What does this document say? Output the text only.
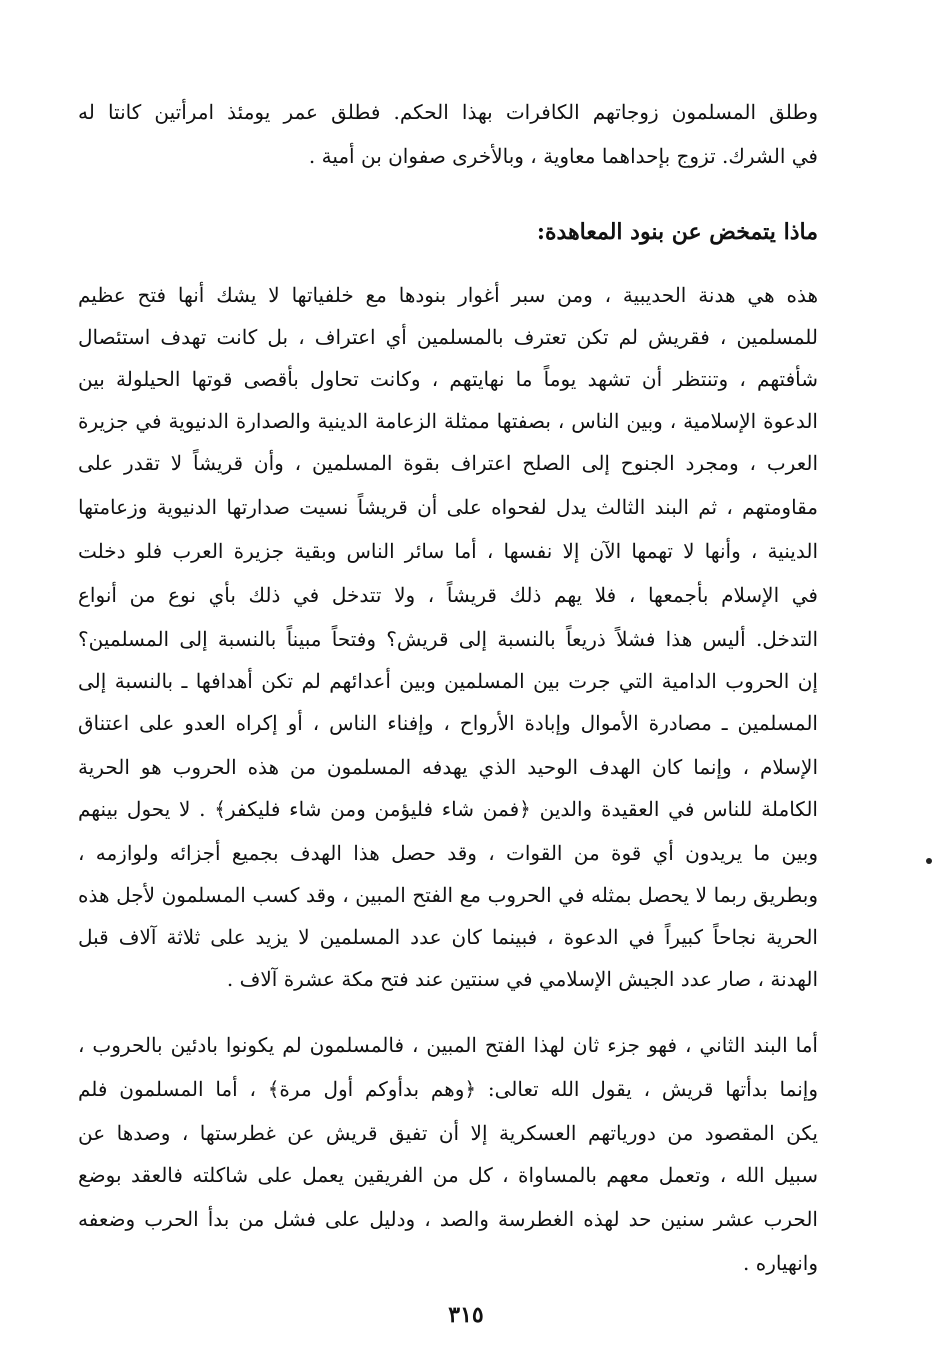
وطلق المسلمون زوجاتهم الكافرات بهذا الحكم. فطلق عمر يومئذ امرأتين كانتا له
في الشرك. تزوج بإحداهما معاوية ، وبالأخرى صفوان بن أمية .
ماذا يتمخض عن بنود المعاهدة:
هذه هي هدنة الحديبية ، ومن سبر أغوار بنودها مع خلفياتها لا يشك أنها فتح عظيم
للمسلمين ، فقريش لم تكن تعترف بالمسلمين أي اعتراف ، بل كانت تهدف استئصال
شأفتهم ، وتنتظر أن تشهد يوماً ما نهايتهم ، وكانت تحاول بأقصى قوتها الحيلولة بين
الدعوة الإسلامية ، وبين الناس ، بصفتها ممثلة الزعامة الدينية والصدارة الدنيوية في جزيرة
العرب ، ومجرد الجنوح إلى الصلح اعتراف بقوة المسلمين ، وأن قريشاً لا تقدر على
مقاومتهم ، ثم البند الثالث يدل لفحواه على أن قريشاً نسيت صدارتها الدنيوية وزعامتها
الدينية ، وأنها لا تهمها الآن إلا نفسها ، أما سائر الناس وبقية جزيرة العرب فلو دخلت
في الإسلام بأجمعها ، فلا يهم ذلك قريشاً ، ولا تتدخل في ذلك بأي نوع من أنواع
التدخل. أليس هذا فشلاً ذريعاً بالنسبة إلى قريش؟ وفتحاً مبيناً بالنسبة إلى المسلمين؟
إن الحروب الدامية التي جرت بين المسلمين وبين أعدائهم لم تكن أهدافها ـ بالنسبة إلى
المسلمين ـ مصادرة الأموال وإبادة الأرواح ، وإفناء الناس ، أو إكراه العدو على اعتناق
الإسلام ، وإنما كان الهدف الوحيد الذي يهدفه المسلمون من هذه الحروب هو الحرية
الكاملة للناس في العقيدة والدين ﴿فمن شاء فليؤمن ومن شاء فليكفر﴾ . لا يحول بينهم
وبين ما يريدون أي قوة من القوات ، وقد حصل هذا الهدف بجميع أجزائه ولوازمه ،
وبطريق ربما لا يحصل بمثله في الحروب مع الفتح المبين ، وقد كسب المسلمون لأجل هذه
الحرية نجاحاً كبيراً في الدعوة ، فبينما كان عدد المسلمين لا يزيد على ثلاثة آلاف قبل
الهدنة ، صار عدد الجيش الإسلامي في سنتين عند فتح مكة عشرة آلاف .
أما البند الثاني ، فهو جزء ثان لهذا الفتح المبين ، فالمسلمون لم يكونوا بادئين بالحروب ،
وإنما بدأتها قريش ، يقول الله تعالى: ﴿وهم بدأوكم أول مرة﴾ ، أما المسلمون فلم
يكن المقصود من دورياتهم العسكرية إلا أن تفيق قريش عن غطرستها ، وصدها عن
سبيل الله ، وتعمل معهم بالمساواة ، كل من الفريقين يعمل على شاكلته فالعقد بوضع
الحرب عشر سنين حد لهذه الغطرسة والصد ، ودليل على فشل من بدأ الحرب وضعفه
وانهياره .
٣١٥
